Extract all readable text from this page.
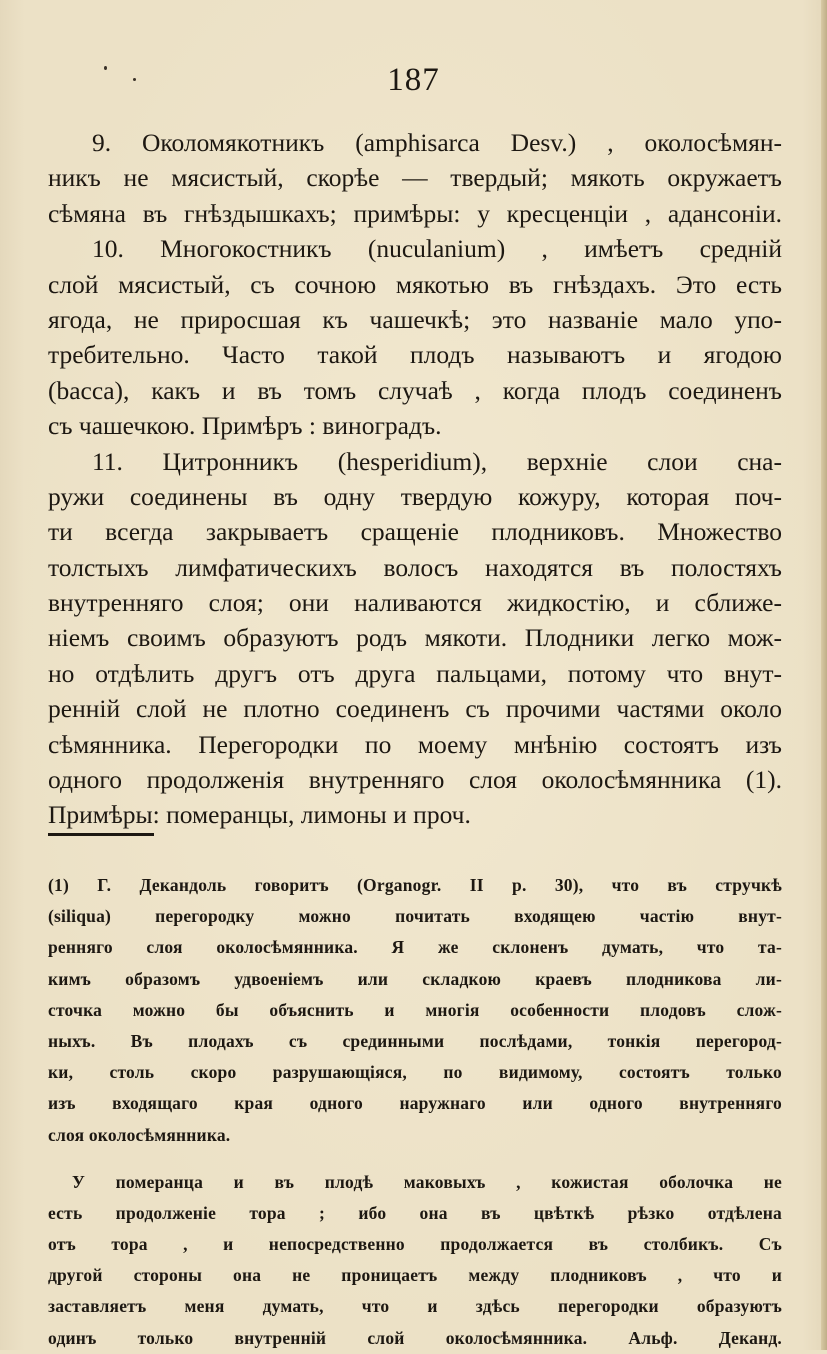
187
9. Околомякотникъ (amphisarca Desv.) , околосѣмян-
никъ не мясистый, скорѣе — твердый; мякоть окружаетъ
сѣмяна въ гнѣздышкахъ; примѣры: у кресценціи , адансоніи.
10. Многокостникъ (nuculanium) , имѣетъ средній
слой мясистый, съ сочною мякотью въ гнѣздахъ. Это есть
ягода, не приросшая къ чашечкѣ; это названіе мало упо-
требительно. Часто такой плодъ называютъ и ягодою
(bacca), какъ и въ томъ случаѣ , когда плодъ соединенъ
съ чашечкою. Примѣръ : виноградъ.
11. Цитронникъ (hesperidium), верхніе слои сна-
ружи соединены въ одну твердую кожуру, которая поч-
ти всегда закрываетъ сращеніе плодниковъ. Множество
толстыхъ лимфатическихъ волосъ находятся въ полостяхъ
внутренняго слоя; они наливаются жидкостію, и сближе-
ніемъ своимъ образуютъ родъ мякоти. Плодники легко мож-
но отдѣлить другъ отъ друга пальцами, потому что внут-
ренній слой не плотно соединенъ съ прочими частями около
сѣмянника. Перегородки по моему мнѣнію состоятъ изъ
одного продолженія внутренняго слоя околосѣмянника (1).
Примѣры: померанцы, лимоны и проч.
(1) Г. Декандоль говоритъ (Organogr. II p. 30), что въ стручкѣ
(siliqua) перегородку можно почитать входящею частію внут-
ренняго слоя околосѣмянника. Я же склоненъ думать, что та-
кимъ образомъ удвоеніемъ или складкою краевъ плодникова ли-
сточка можно бы объяснить и многія особенности плодовъ слож-
ныхъ. Въ плодахъ съ срединными послѣдами, тонкія перегород-
ки, столь скоро разрушающіяся, по видимому, состоятъ только
изъ входящаго края одного наружнаго или одного внутренняго
слоя околосѣмянника.
У померанца и въ плодѣ маковыхъ , кожистая оболочка не
есть продолженіе тора ; ибо она въ цвѣткѣ рѣзко отдѣлена
отъ тора , и непосредственно продолжается въ столбикъ. Съ
другой стороны она не проницаетъ между плодниковъ , что и
заставляетъ меня думать, что и здѣсь перегородки образуютъ
одинъ только внутренній слой околосѣмянника. Альф. Деканд.
